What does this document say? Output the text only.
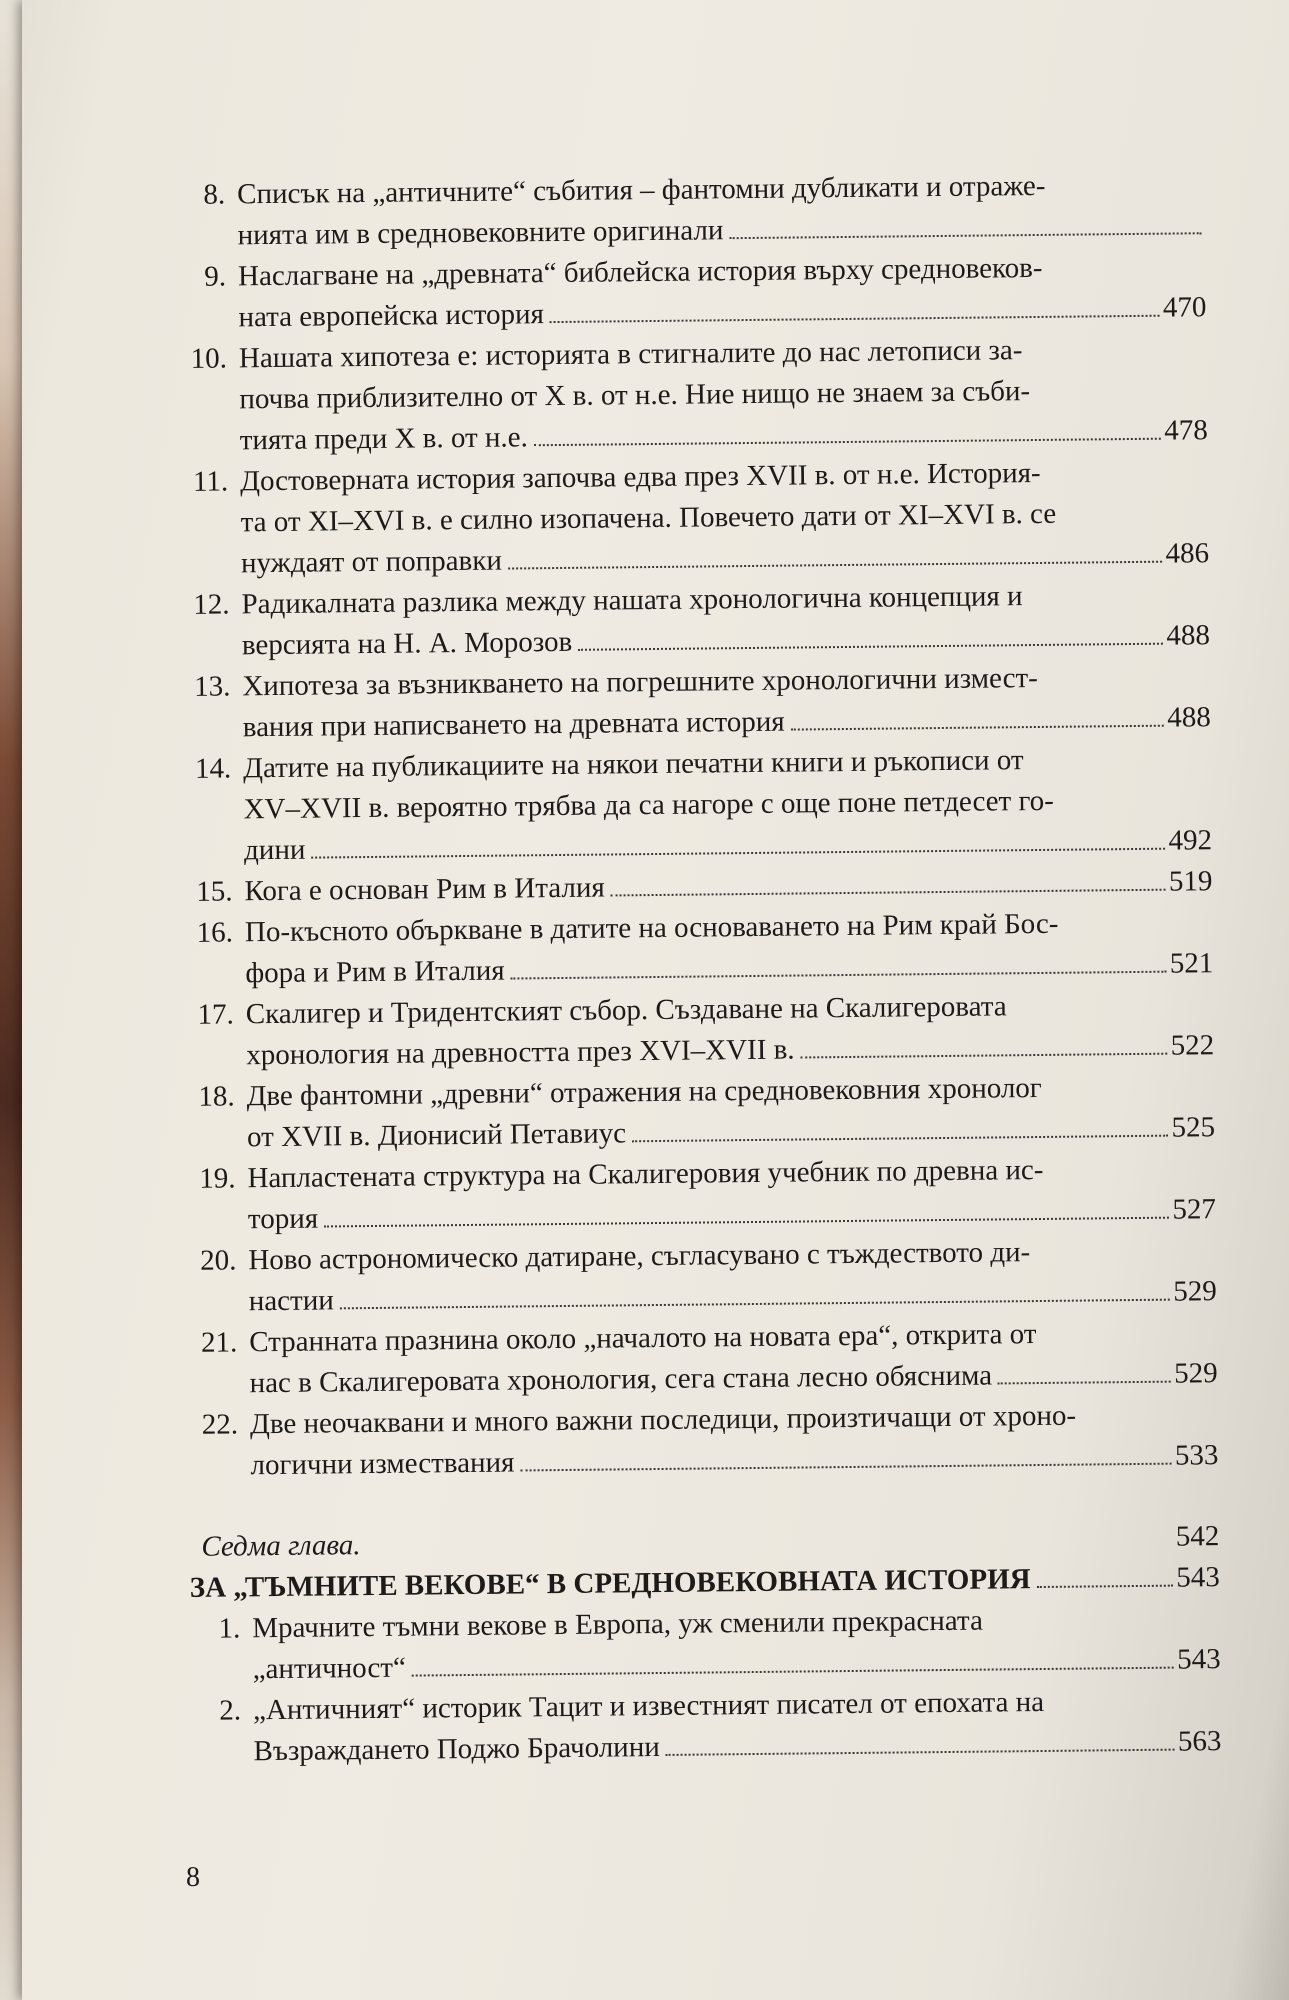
8. Списък на „античните“ събития – фантомни дубликати и отраже-
нията им в средновековните оригинали
9. Наслагване на „древната“ библейска история върху средновеков-
ната европейска история	470
10. Нашата хипотеза е: историята в стигналите до нас летописи за-
почва приблизително от Х в. от н.е. Ние нищо не знаем за съби-
тията преди Х в. от н.е.	478
11. Достоверната история започва едва през XVII в. от н.е. История-
та от XI–XVI в. е силно изопачена. Повечето дати от XI–XVI в. се
нуждаят от поправки	486
12. Радикалната разлика между нашата хронологична концепция и
версията на Н. А. Морозов	488
13. Хипотеза за възникването на погрешните хронологични измест-
вания при написването на древната история	488
14. Датите на публикациите на някои печатни книги и ръкописи от
XV–XVII в. вероятно трябва да са нагоре с още поне петдесет го-
дини	492
15. Кога е основан Рим в Италия	519
16. По-късното объркване в датите на основаването на Рим край Бос-
фора и Рим в Италия	521
17. Скалигер и Тридентският събор. Създаване на Скалигеровата
хронология на древността през XVI–XVII в.	522
18. Две фантомни „древни“ отражения на средновековния хронолог
от XVII в. Дионисий Петавиус	525
19. Напластената структура на Скалигеровия учебник по древна ис-
тория	527
20. Ново астрономическо датиране, съгласувано с тъждеството ди-
настии	529
21. Странната празнина около „началото на новата ера“, открита от
нас в Скалигеровата хронология, сега стана лесно обяснима	529
22. Две неочаквани и много важни последици, произтичащи от хроно-
логични измествания	533
Седма глава.	542
ЗА „ТЪМНИТЕ ВЕКОВЕ“ В СРЕДНОВЕКОВНАТА ИСТОРИЯ	543
1. Мрачните тъмни векове в Европа, уж сменили прекрасната
„античност“	543
2. „Античният“ историк Тацит и известният писател от епохата на
Възраждането Поджо Брачолини	563
8
